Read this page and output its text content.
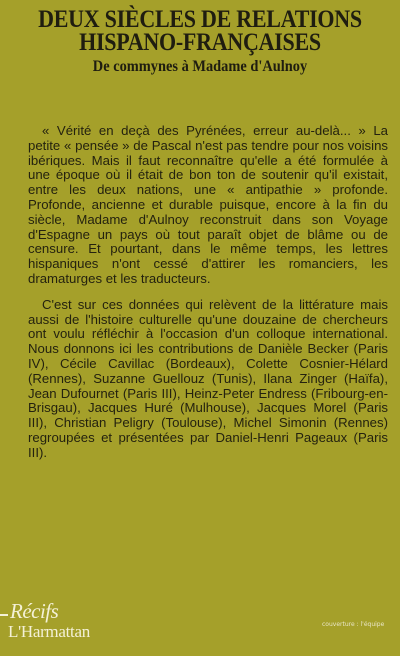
DEUX SIÈCLES DE RELATIONS
HISPANO-FRANÇAISES
De commynes à Madame d'Aulnoy

« Vérité en deçà des Pyrénées, erreur au-delà... » La petite « pensée » de Pascal n'est pas tendre pour nos voisins ibériques. Mais il faut reconnaître qu'elle a été formulée à une époque où il était de bon ton de soutenir qu'il existait, entre les deux nations, une « antipathie » profonde. Profonde, ancienne et durable puisque, encore à la fin du siècle, Madame d'Aulnoy reconstruit dans son Voyage d'Espagne un pays où tout paraît objet de blâme ou de censure. Et pourtant, dans le même temps, les lettres hispaniques n'ont cessé d'attirer les romanciers, les dramaturges et les traducteurs.

C'est sur ces données qui relèvent de la littérature mais aussi de l'histoire culturelle qu'une douzaine de chercheurs ont voulu réfléchir à l'occasion d'un colloque international. Nous donnons ici les contributions de Danièle Becker (Paris IV), Cécile Cavillac (Bordeaux), Colette Cosnier-Hélard (Rennes), Suzanne Guellouz (Tunis), Ilana Zinger (Haïfa), Jean Dufournet (Paris III), Heinz-Peter Endress (Fribourg-en-Brisgau), Jacques Huré (Mulhouse), Jacques Morel (Paris III), Christian Peligry (Toulouse), Michel Simonin (Rennes) regroupées et présentées par Daniel-Henri Pageaux (Paris III).

Récifs
L'Harmattan	couverture : l'équipe
